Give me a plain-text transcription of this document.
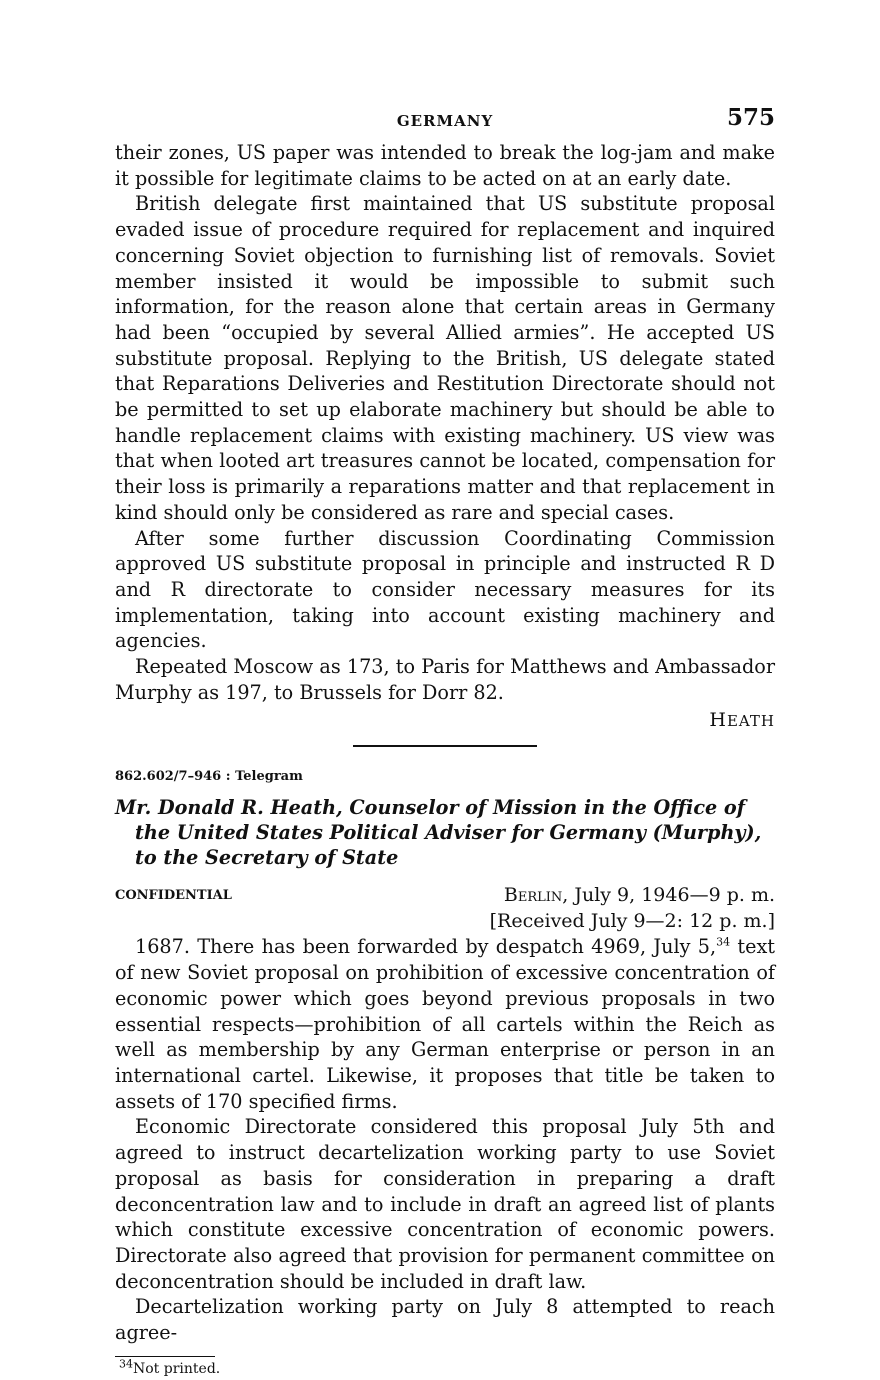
GERMANY	575

their zones, US paper was intended to break the log-jam and make it possible for legitimate claims to be acted on at an early date.

British delegate first maintained that US substitute proposal evaded issue of procedure required for replacement and inquired concerning Soviet objection to furnishing list of removals. Soviet member insisted it would be impossible to submit such information, for the reason alone that certain areas in Germany had been “occupied by several Allied armies”. He accepted US substitute proposal. Replying to the British, US delegate stated that Reparations Deliveries and Restitution Directorate should not be permitted to set up elaborate machinery but should be able to handle replacement claims with existing machinery. US view was that when looted art treasures cannot be located, compensation for their loss is primarily a reparations matter and that replacement in kind should only be considered as rare and special cases.

After some further discussion Coordinating Commission approved US substitute proposal in principle and instructed R D and R directorate to consider necessary measures for its implementation, taking into account existing machinery and agencies.

Repeated Moscow as 173, to Paris for Matthews and Ambassador Murphy as 197, to Brussels for Dorr 82.

HEATH
862.602/7–946 : Telegram
Mr. Donald R. Heath, Counselor of Mission in the Office of the United States Political Adviser for Germany (Murphy), to the Secretary of State
CONFIDENTIAL	Berlin, July 9, 1946—9 p. m.
[Received July 9—2: 12 p. m.]

1687. There has been forwarded by despatch 4969, July 5,34 text of new Soviet proposal on prohibition of excessive concentration of economic power which goes beyond previous proposals in two essential respects—prohibition of all cartels within the Reich as well as membership by any German enterprise or person in an international cartel. Likewise, it proposes that title be taken to assets of 170 specified firms.

Economic Directorate considered this proposal July 5th and agreed to instruct decartelization working party to use Soviet proposal as basis for consideration in preparing a draft deconcentration law and to include in draft an agreed list of plants which constitute excessive concentration of economic powers. Directorate also agreed that provision for permanent committee on deconcentration should be included in draft law.

Decartelization working party on July 8 attempted to reach agree-

$^{34}$Not printed.
